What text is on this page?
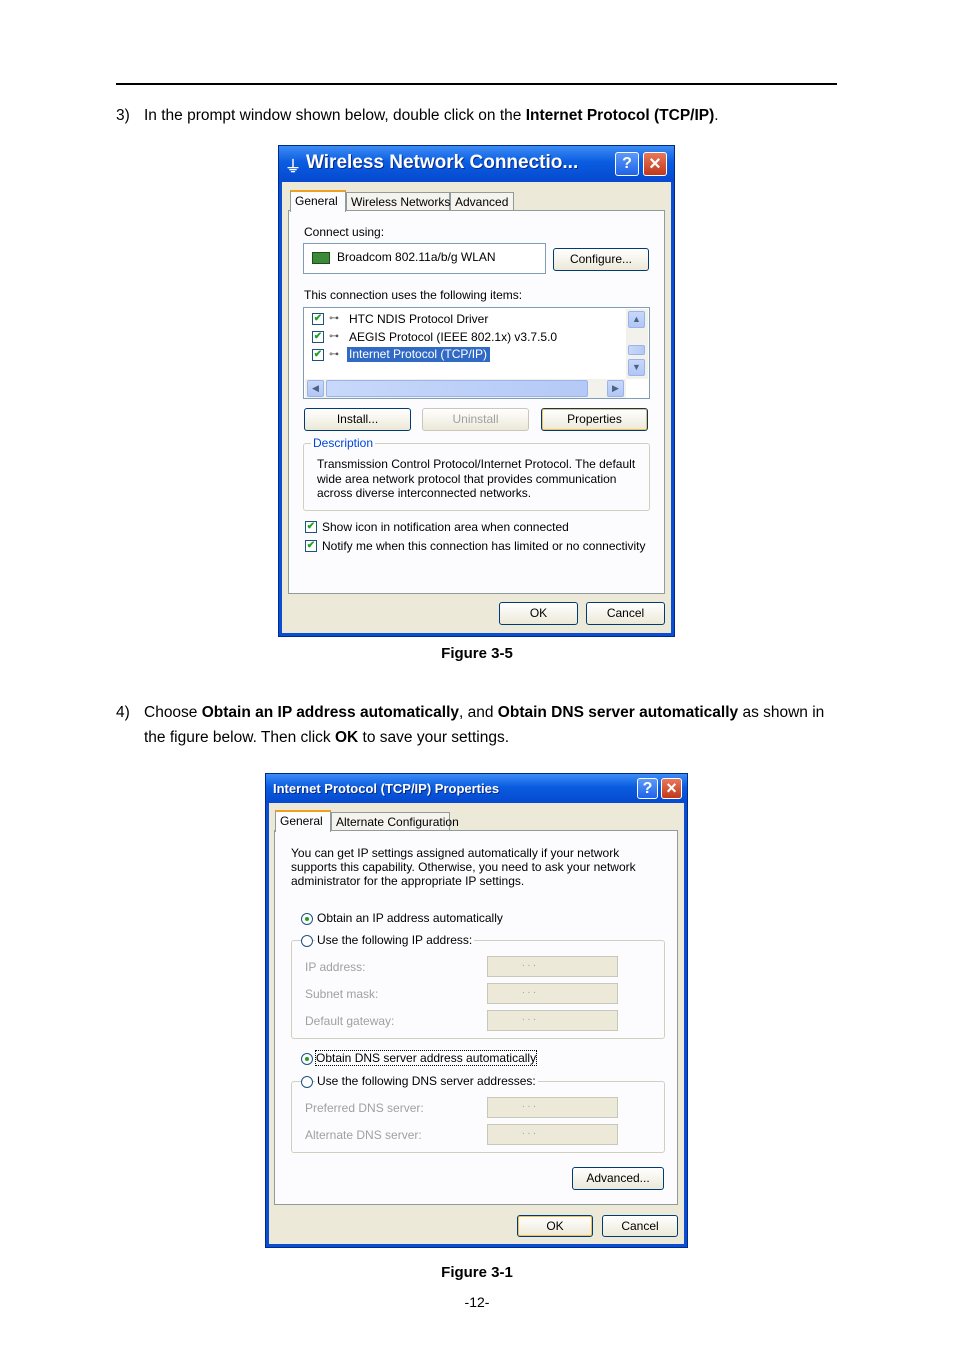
3) In the prompt window shown below, double click on the Internet Protocol (TCP/IP).
⏚ Wireless Network Connectio...	? ×
General	Wireless Networks Advanced
Connect using:
Broadcom 802.11a/b/g WLAN	Configure...
This connection uses the following items:
✔ ⊶ HTC NDIS Protocol Driver
✔ ⊶ AEGIS Protocol (IEEE 802.1x) v3.7.5.0
✔ ⊶ Internet Protocol (TCP/IP)
▲
▼
◀	▶
Install...	Uninstall	Properties
Description
Transmission Control Protocol/Internet Protocol. The default wide area network protocol that provides communication across diverse interconnected networks.
✔ Show icon in notification area when connected
✔ Notify me when this connection has limited or no connectivity
OK	Cancel
Figure 3-5
4) Choose Obtain an IP address automatically, and Obtain DNS server automatically as shown in the figure below. Then click OK to save your settings.
Internet Protocol (TCP/IP) Properties	? ×
General	Alternate Configuration
You can get IP settings assigned automatically if your network supports this capability. Otherwise, you need to ask your network administrator for the appropriate IP settings.
Obtain an IP address automatically
Use the following IP address:
IP address:	. . .
Subnet mask:	. . .
Default gateway:	. . .
Obtain DNS server address automatically
Use the following DNS server addresses:
Preferred DNS server:	. . .
Alternate DNS server:	. . .
Advanced...
OK	Cancel
Figure 3-1
-12-
